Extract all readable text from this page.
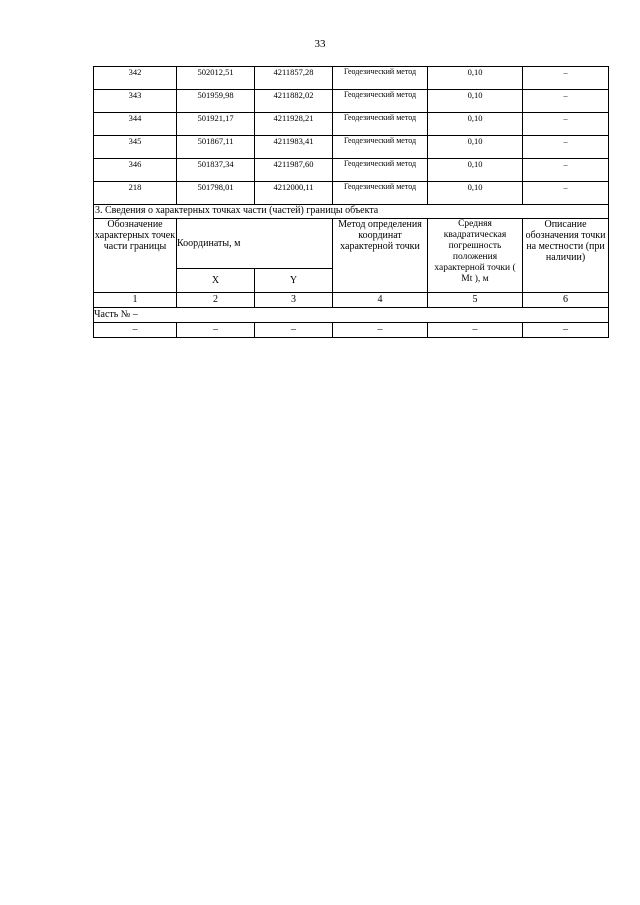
33
342	502012,51	4211857,28	Геодезический метод	0,10	–
343	501959,98	4211882,02	Геодезический метод	0,10	–
344	501921,17	4211928,21	Геодезический метод	0,10	–
345	501867,11	4211983,41	Геодезический метод	0,10	–
346	501837,34	4211987,60	Геодезический метод	0,10	–
218	501798,01	4212000,11	Геодезический метод	0,10	–
3. Сведения о характерных точках части (частей) границы объекта					
Обозначение характерных точек части границы	Координаты, м		Метод определения координат характерной точки	Средняя квадратическая погрешность положения характерной точки ( Mt ), м	Описание обозначения точки на местности (при наличии)
	X	Y			
1	2	3	4	5	6
Часть № –					
–	–	–	–	–	–
